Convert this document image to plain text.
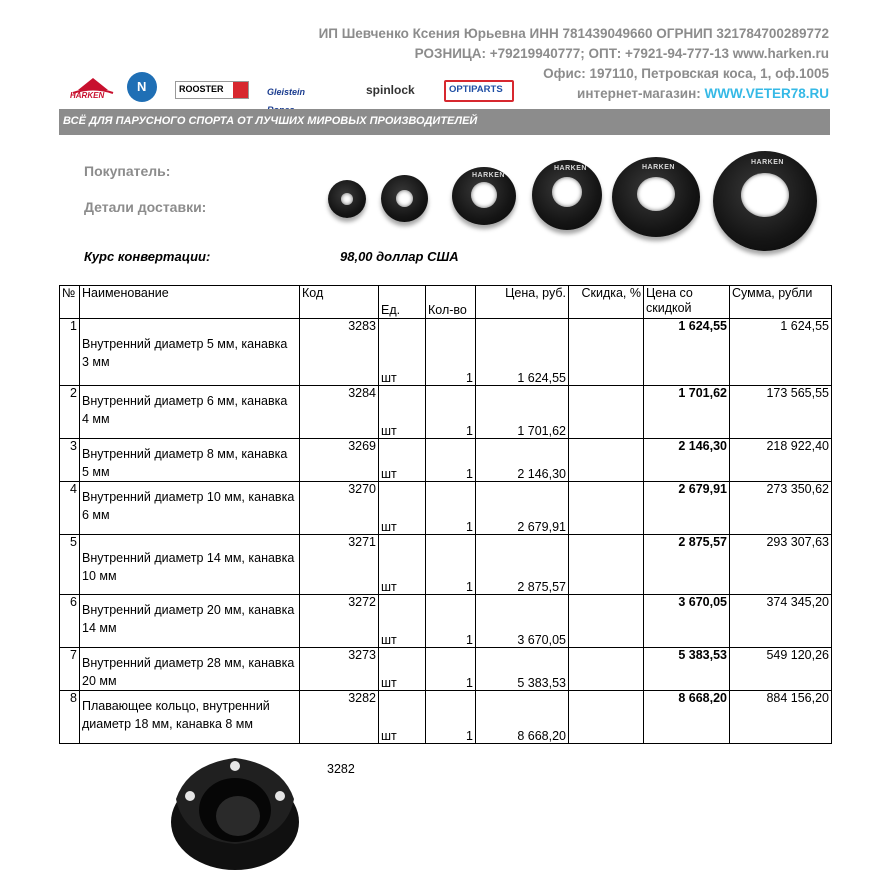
ИП Шевченко Ксения Юрьевна ИНН 781439049660 ОГРНИП 321784700289772
РОЗНИЦА: +79219940777; ОПТ: +7921-94-777-13 www.harken.ru
Офис: 197110, Петровская коса, 1, оф.1005
интернет-магазин: WWW.VETER78.RU
HARKEN
N	ROOSTER	Gleistein	spinlock	OPTIPARTS
ВСЁ ДЛЯ ПАРУСНОГО СПОРТА ОТ ЛУЧШИХ МИРОВЫХ ПРОИЗВОДИТЕЛЕЙ
Покупатель:
Детали доставки:
Курс конвертации:	98,00 доллар США
HARKEN
HARKEN	HARKEN
HARKEN
№	Наименование	Код	Ед.	Кол-во	Цена, руб.	Скидка, %	Цена со скидкой	Сумма, рубли
1	Внутренний диаметр 5 мм, канавка 3 мм	3283	шт	1	1 624,55		1 624,55	1 624,55
2	Внутренний диаметр 6 мм, канавка 4 мм	3284	шт	1	1 701,62		1 701,62	173 565,55
3	Внутренний диаметр 8 мм, канавка 5 мм	3269	шт	1	2 146,30		2 146,30	218 922,40
4	Внутренний диаметр 10 мм, канавка 6 мм	3270	шт	1	2 679,91		2 679,91	273 350,62
5	Внутренний диаметр 14 мм, канавка 10 мм	3271	шт	1	2 875,57		2 875,57	293 307,63
6	Внутренний диаметр 20 мм, канавка 14 мм	3272	шт	1	3 670,05		3 670,05	374 345,20
7	Внутренний диаметр 28 мм, канавка 20 мм	3273	шт	1	5 383,53		5 383,53	549 120,26
8	Плавающее кольцо, внутренний диаметр 18 мм, канавка 8 мм	3282	шт	1	8 668,20		8 668,20	884 156,20
3282
